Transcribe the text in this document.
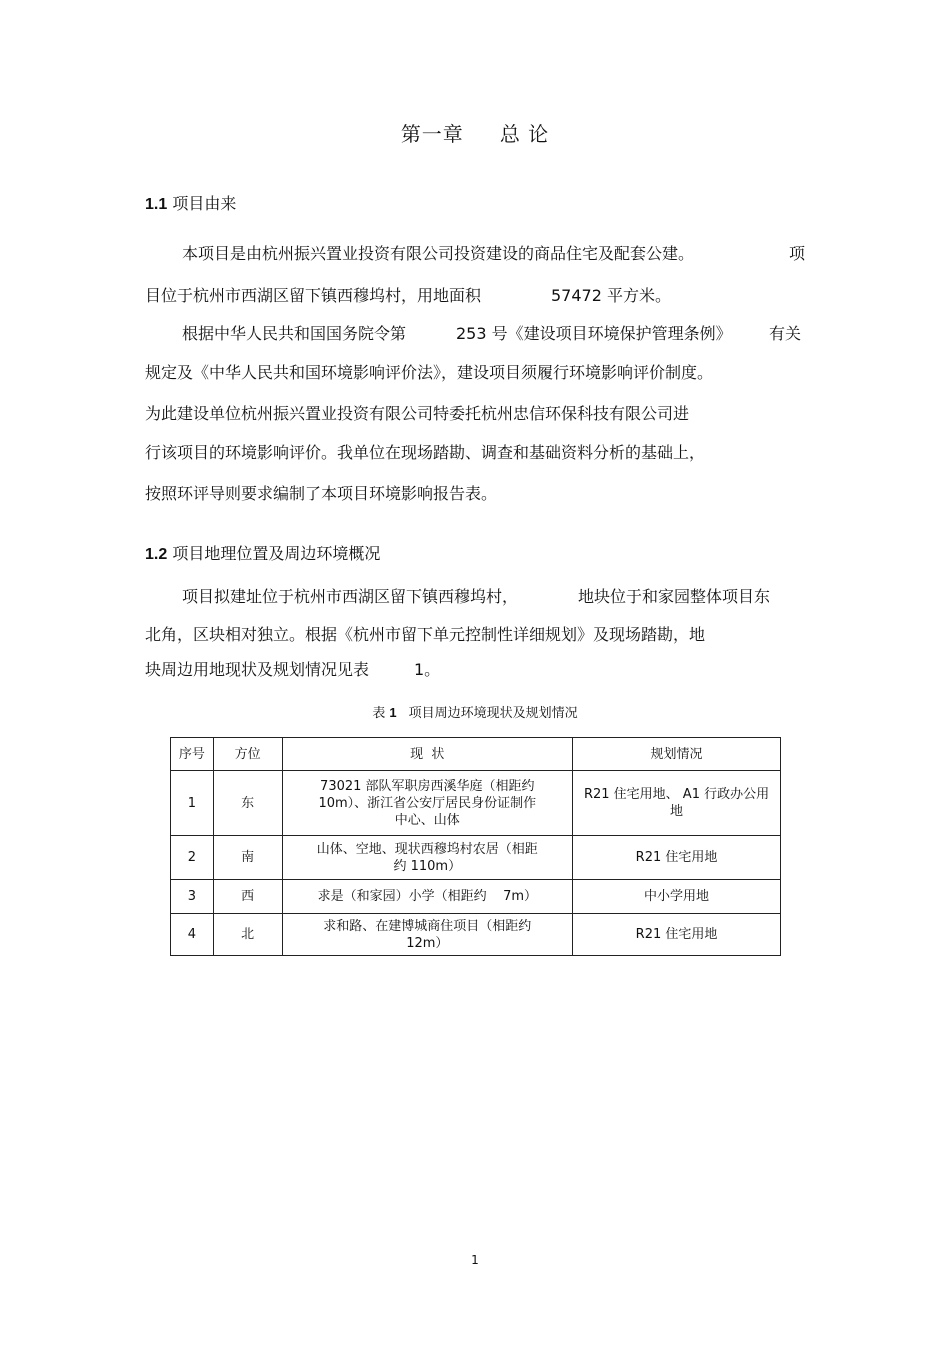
第一章 总 论
1.1 项目由来
本项目是由杭州振兴置业投资有限公司投资建设的商品住宅及配套公建。	项
目位于杭州市西湖区留下镇西穆坞村，用地面积	57472 平方米。
根据中华人民共和国国务院令第	253 号《建设项目环境保护管理条例》 有关
规定及《中华人民共和国环境影响评价法》，建设项目须履行环境影响评价制度。
为此建设单位杭州振兴置业投资有限公司特委托杭州忠信环保科技有限公司进
行该项目的环境影响评价。我单位在现场踏勘、调查和基础资料分析的基础上，
按照环评导则要求编制了本项目环境影响报告表。
1.2 项目地理位置及周边环境概况
项目拟建址位于杭州市西湖区留下镇西穆坞村，	地块位于和家园整体项目东
北角，区块相对独立。根据《杭州市留下单元控制性详细规划》及现场踏勘，地
块周边用地现状及规划情况见表	1。
表 1 项目周边环境现状及规划情况
序号	方位	现  状	规划情况
1	东	73021 部队军职房西溪华庭（相距约10m）、浙江省公安厅居民身份证制作中心、山体	R21 住宅用地、 A1 行政办公用地
2	南	山体、空地、现状西穆坞村农居（相距约 110m）	R21 住宅用地
3	西	求是（和家园）小学（相距约    7m）	中小学用地
4	北	求和路、在建博城商住项目（相距约12m）	R21 住宅用地
1
